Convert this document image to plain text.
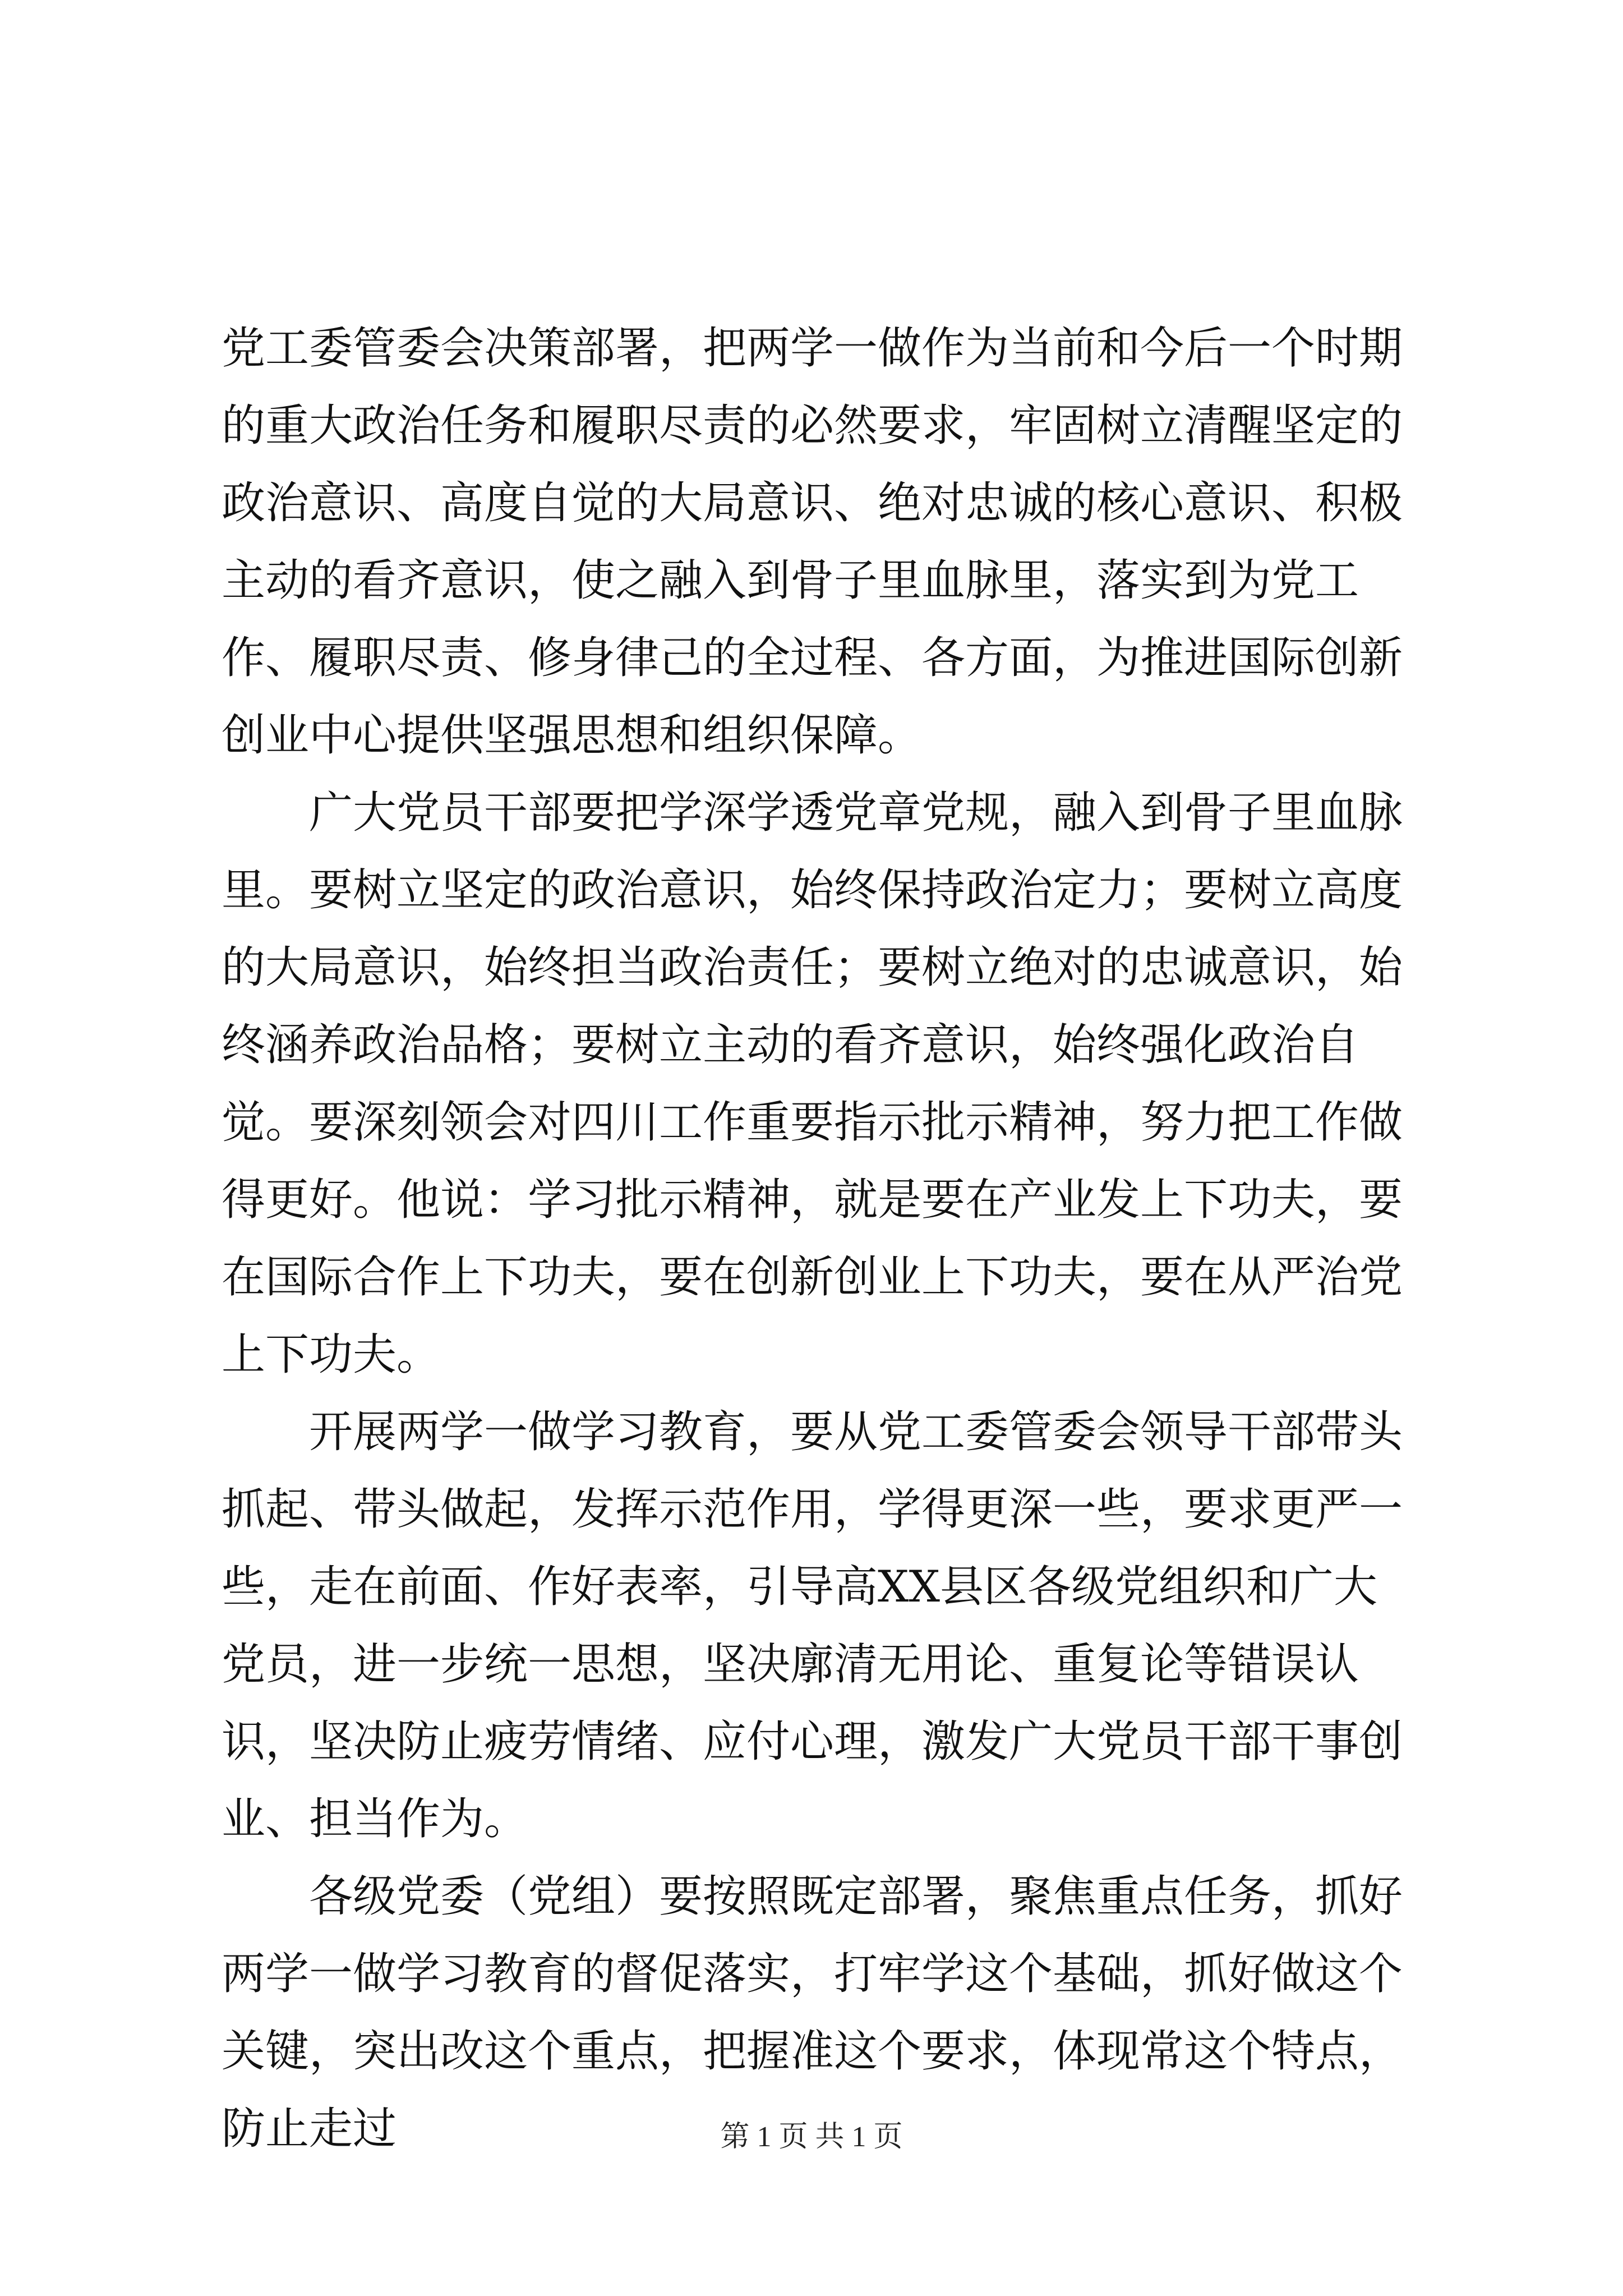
党工委管委会决策部署，把两学一做作为当前和今后一个时期的重大政治任务和履职尽责的必然要求，牢固树立清醒坚定的政治意识、高度自觉的大局意识、绝对忠诚的核心意识、积极主动的看齐意识，使之融入到骨子里血脉里，落实到为党工作、履职尽责、修身律己的全过程、各方面，为推进国际创新创业中心提供坚强思想和组织保障。

广大党员干部要把学深学透党章党规，融入到骨子里血脉里。要树立坚定的政治意识，始终保持政治定力；要树立高度的大局意识，始终担当政治责任；要树立绝对的忠诚意识，始终涵养政治品格；要树立主动的看齐意识，始终强化政治自觉。要深刻领会对四川工作重要指示批示精神，努力把工作做得更好。他说：学习批示精神，就是要在产业发上下功夫，要在国际合作上下功夫，要在创新创业上下功夫，要在从严治党上下功夫。

开展两学一做学习教育，要从党工委管委会领导干部带头抓起、带头做起，发挥示范作用，学得更深一些，要求更严一些，走在前面、作好表率，引导高XX县区各级党组织和广大党员，进一步统一思想，坚决廓清无用论、重复论等错误认识，坚决防止疲劳情绪、应付心理，激发广大党员干部干事创业、担当作为。

各级党委（党组）要按照既定部署，聚焦重点任务，抓好两学一做学习教育的督促落实，打牢学这个基础，抓好做这个关键，突出改这个重点，把握准这个要求，体现常这个特点，防止走过	第 1 页 共 1 页
